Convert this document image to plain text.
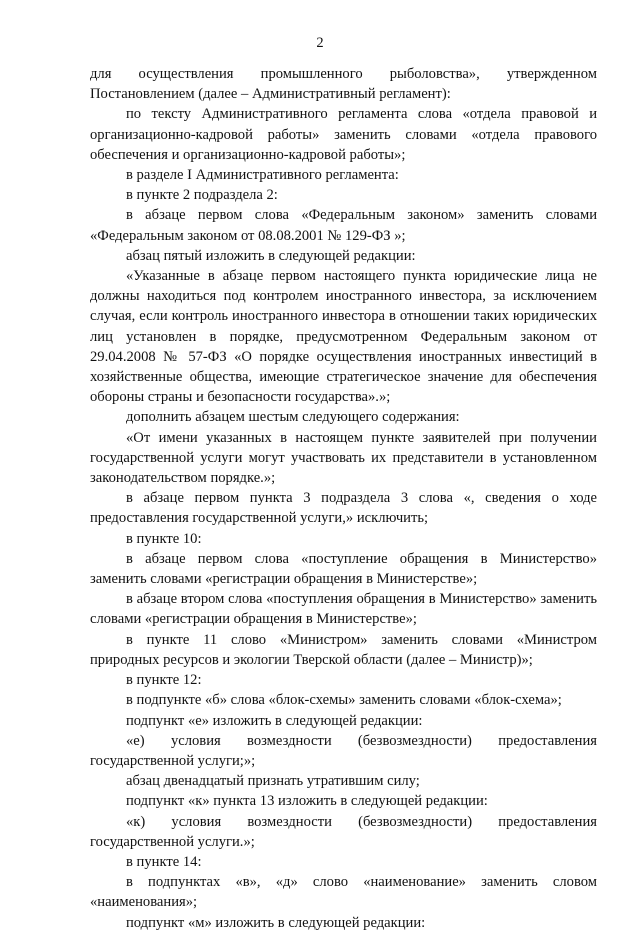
2

для осуществления промышленного рыболовства», утвержденном Постановлением (далее – Административный регламент):

по тексту Административного регламента слова «отдела правовой и организационно-кадровой работы» заменить словами «отдела правового обеспечения и организационно-кадровой работы»;

в разделе I Административного регламента:

в пункте 2 подраздела 2:

в абзаце первом слова «Федеральным законом» заменить словами «Федеральным законом от 08.08.2001 № 129-ФЗ »;

абзац пятый изложить в следующей редакции:

«Указанные в абзаце первом настоящего пункта юридические лица не должны находиться под контролем иностранного инвестора, за исключением случая, если контроль иностранного инвестора в отношении таких юридических лиц установлен в порядке, предусмотренном Федеральным законом от 29.04.2008 № 57-ФЗ «О порядке осуществления иностранных инвестиций в хозяйственные общества, имеющие стратегическое значение для обеспечения обороны страны и безопасности государства».»;

дополнить абзацем шестым следующего содержания:

«От имени указанных в настоящем пункте заявителей при получении государственной услуги могут участвовать их представители в установленном законодательством порядке.»;

в абзаце первом пункта 3 подраздела 3 слова «, сведения о ходе предоставления государственной услуги,» исключить;

в пункте 10:

в абзаце первом слова «поступление обращения в Министерство» заменить словами «регистрации обращения в Министерстве»;

в абзаце втором слова «поступления обращения в Министерство» заменить словами «регистрации обращения в Министерстве»;

в пункте 11 слово «Министром» заменить словами «Министром природных ресурсов и экологии Тверской области (далее – Министр)»;

в пункте 12:

в подпункте «б» слова «блок-схемы» заменить словами «блок-схема»;

подпункт «е» изложить в следующей редакции:

«е) условия возмездности (безвозмездности) предоставления государственной услуги;»;

абзац двенадцатый признать утратившим силу;

подпункт «к» пункта 13 изложить в следующей редакции:

«к) условия возмездности (безвозмездности) предоставления государственной услуги.»;

в пункте 14:

в подпунктах «в», «д» слово «наименование» заменить словом «наименования»;

подпункт «м» изложить в следующей редакции:
